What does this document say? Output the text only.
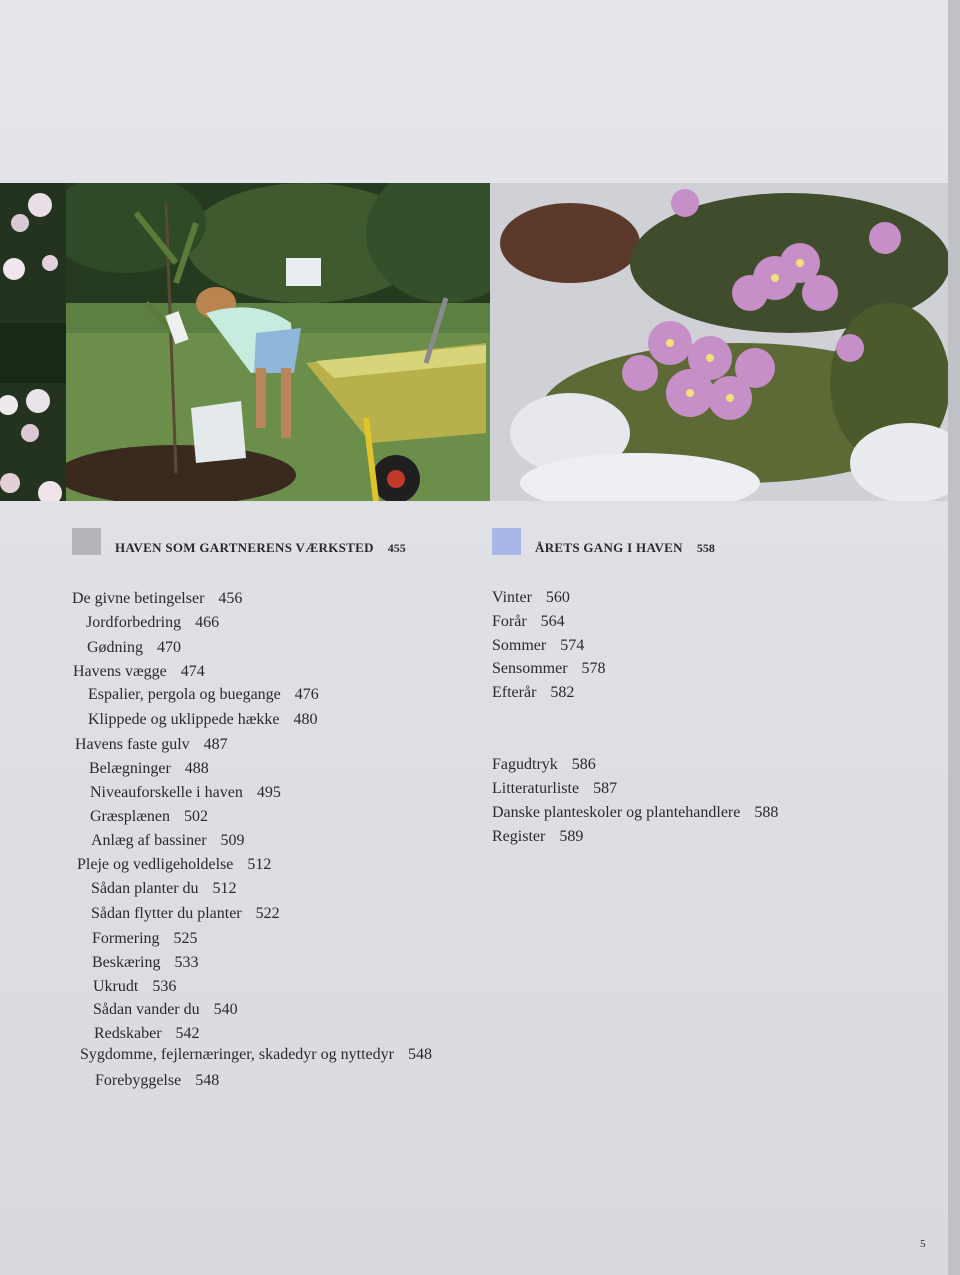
HAVEN SOM GARTNERENS VÆRKSTED 455	ÅRETS GANG I HAVEN 558
De givne betingelser 456
Jordforbedring 466
Gødning 470
Havens vægge 474
Espalier, pergola og buegange 476
Klippede og uklippede hække 480
Havens faste gulv 487
Belægninger 488
Niveauforskelle i haven 495
Græsplænen 502
Anlæg af bassiner 509
Pleje og vedligeholdelse 512
Sådan planter du 512
Sådan flytter du planter 522
Formering 525
Beskæring 533
Ukrudt 536
Sådan vander du 540
Redskaber 542
Sygdomme, fejlernæringer, skadedyr og nyttedyr 548
Forebyggelse 548
Vinter 560
Forår 564
Sommer 574
Sensommer 578
Efterår 582
Fagudtryk 586
Litteraturliste 587
Danske planteskoler og plantehandlere 588
Register 589
5
